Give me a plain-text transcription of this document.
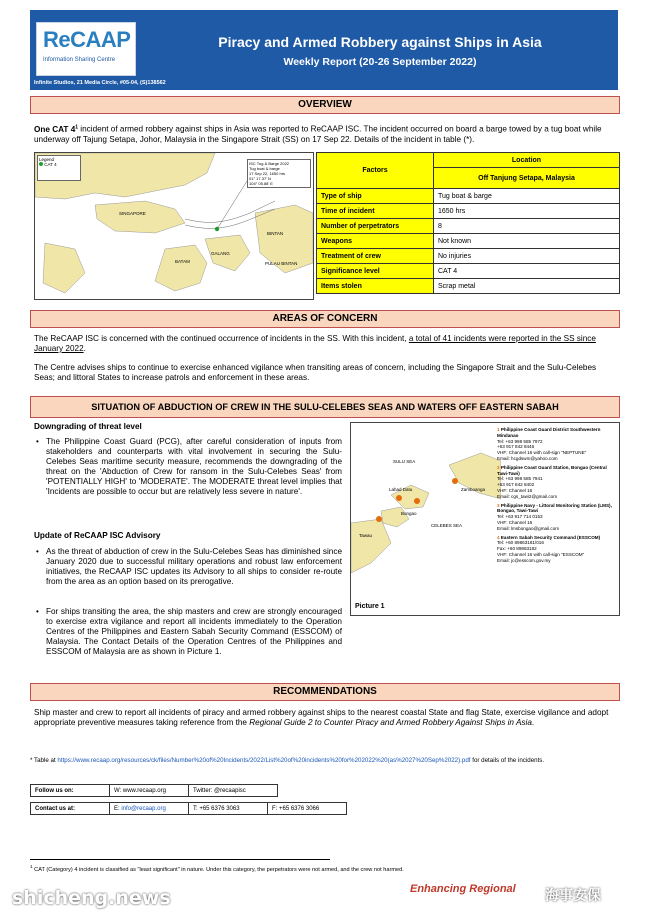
ReCAAP
Information Sharing Centre
Piracy and Armed Robbery against Ships in Asia
Weekly Report (20-26 September 2022)
Infinite Studios, 21 Media Circle, #05-04, (S)138562
OVERVIEW
One CAT $4^1$ incident of armed robbery against ships in Asia was reported to ReCAAP ISC. The incident occurred on board a barge towed by a tug boat while underway off Tajung Setapa, Johor, Malaysia in the Singapore Strait (SS) on 17 Sep 22. Details of the incident in table (*).
Legend
CAT 4	ISC Tug & Barge 2022
Tug boat & barge
17 Sep 22, 1650 hrs
01° 17.37' N
104° 05.88' E
SINGAPORE
BATAM
BINTAN
PULAU BINTAN
GALANG
Factors	Location
	Off Tanjung Setapa, Malaysia
Type of ship	Tug boat & barge
Time of incident	1650 hrs
Number of perpetrators	8
Weapons	Not known
Treatment of crew	No injuries
Significance level	CAT 4
Items stolen	Scrap metal
AREAS OF CONCERN
The ReCAAP ISC is concerned with the continued occurrence of incidents in the SS. With this incident, a total of 41 incidents were reported in the SS since January 2022.
The Centre advises ships to continue to exercise enhanced vigilance when transiting areas of concern, including the Singapore Strait and the Sulu-Celebes Seas; and littoral States to increase patrols and enforcement in these areas.
SITUATION OF ABDUCTION OF CREW IN THE SULU-CELEBES SEAS AND WATERS OFF EASTERN SABAH
Downgrading of threat level
• The Philippine Coast Guard (PCG), after careful consideration of inputs from stakeholders and counterparts with vital involvement in securing the Sulu-Celebes Seas maritime security measure, recommends the downgrading of the threat on the 'Abduction of Crew for ransom in the Sulu-Celebes Seas' from 'POTENTIALLY HIGH' to 'MODERATE'. The MODERATE threat level implies that 'Incidents are possible to occur but are relatively less severe in nature'.
Update of ReCAAP ISC Advisory
• As the threat of abduction of crew in the Sulu-Celebes Seas has diminished since January 2020 due to successful military operations and robust law enforcement initiatives, the ReCAAP ISC updates its Advisory to all ships to consider re-route from the area as an option based on its prerogative.
• For ships transiting the area, the ship masters and crew are strongly encouraged to exercise extra vigilance and report all incidents immediately to the Operation Centres of the Philippines and Eastern Sabah Security Command (ESSCOM) of Malaysia. The Contact Details of the Operation Centres of the Philippines and ESSCOM of Malaysia are as shown in Picture 1.
SULU SEA
CELEBES SEA
Zamboanga
Lahad Datu
Bongao
Tawau
Picture 1
1 Philippine Coast Guard District Southwestern Mindanao
Tel: +63 998 585 7972
+63 917 842 8446
VHF: Channel 16 with call-sign "NEPTUNE"
Email: hcgdswm@yahoo.com
2 Philippine Coast Guard Station, Bongao (Central Tawi-Tawi)
Tel: +63 998 585 7941
+63 917 842 8402
VHF: Channel 16
Email: cgs_tawi2@gmail.com
3 Philippine Navy - Littoral Monitoring Station (LMS), Bongao, Tawi-Tawi
Tel: +63 917 714 0153
VHF: Channel 16
Email: lmsbongao@gmail.com
4 Eastern Sabah Security Command (ESSCOM)
Tel: +60 89863181/016
Fax: +60 89863182
VHF: Channel 16 with call-sign "ESSCOM"
Email: jc@esscom.gov.my
RECOMMENDATIONS
Ship master and crew to report all incidents of piracy and armed robbery against ships to the nearest coastal State and flag State, exercise vigilance and adopt appropriate preventive measures taking reference from the Regional Guide 2 to Counter Piracy and Armed Robbery Against Ships in Asia.
* Table at https://www.recaap.org/resources/ck/files/Number%20of%20Incidents/2022/List%20of%20incidents%20for%202022%20(as%2027%20Sep%2022).pdf for details of the incidents.
Follow us on:	W: www.recaap.org	Twitter: @recaapisc
Contact us at:	E: info@recaap.org	T: +65 6376 3063	F: +65 6376 3066
$^1$ CAT (Category) 4 incident is classified as "least significant" in nature. Under this category, the perpetrators were not armed, and the crew not harmed.
Enhancing Regional
shicheng.news	海事安保
